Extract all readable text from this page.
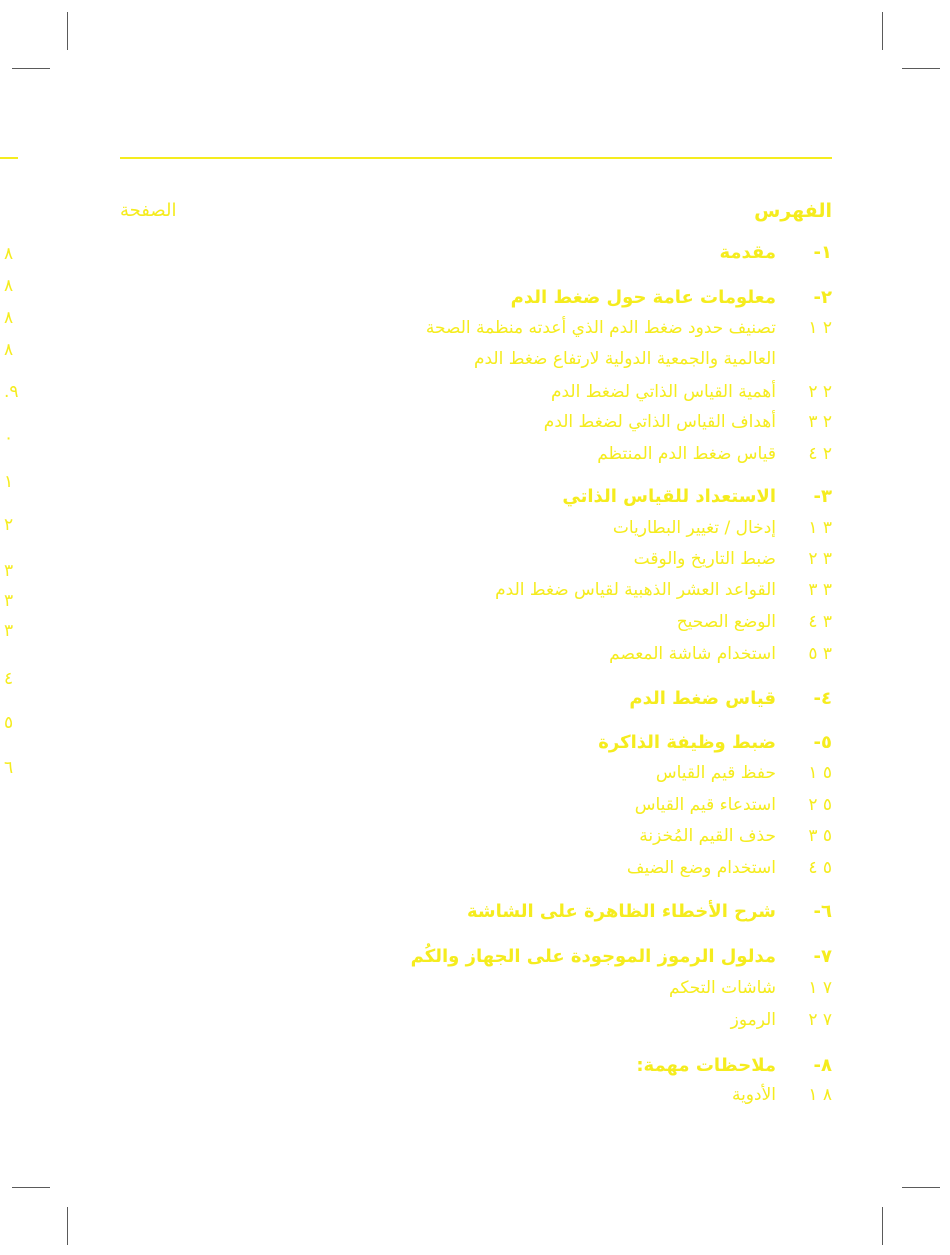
الفهرس
الصفحة
١-مقدمة
٢-معلومات عامة حول ضغط الدم
٢ ١تصنيف حدود ضغط الدم الذي أعدته منظمة الصحة
العالمية والجمعية الدولية لارتفاع ضغط الدم
٢ ٢أهمية القياس الذاتي لضغط الدم
٢ ٣أهداف القياس الذاتي لضغط الدم
٢ ٤قياس ضغط الدم المنتظم
٣-الاستعداد للقياس الذاتي
٣ ١إدخال / تغيير البطاريات
٣ ٢ضبط التاريخ والوقت
٣ ٣القواعد العشر الذهبية لقياس ضغط الدم
٣ ٤الوضع الصحيح
٣ ٥استخدام شاشة المعصم
٤-قياس ضغط الدم
٥-ضبط وظيفة الذاكرة
٥ ١حفظ قيم القياس
٥ ٢استدعاء قيم القياس
٥ ٣حذف القيم المُخزنة
٥ ٤استخدام وضع الضيف
٦-شرح الأخطاء الظاهرة على الشاشة
٧-مدلول الرموز الموجودة على الجهاز والكُم
٧ ١شاشات التحكم
٧ ٢الرموز
٨-ملاحظات مهمة:
٨ ١الأدوية
٨
٨
٨
٨
.٩
٠
١
٢
٣
٣
٣
٤
٥
٦
